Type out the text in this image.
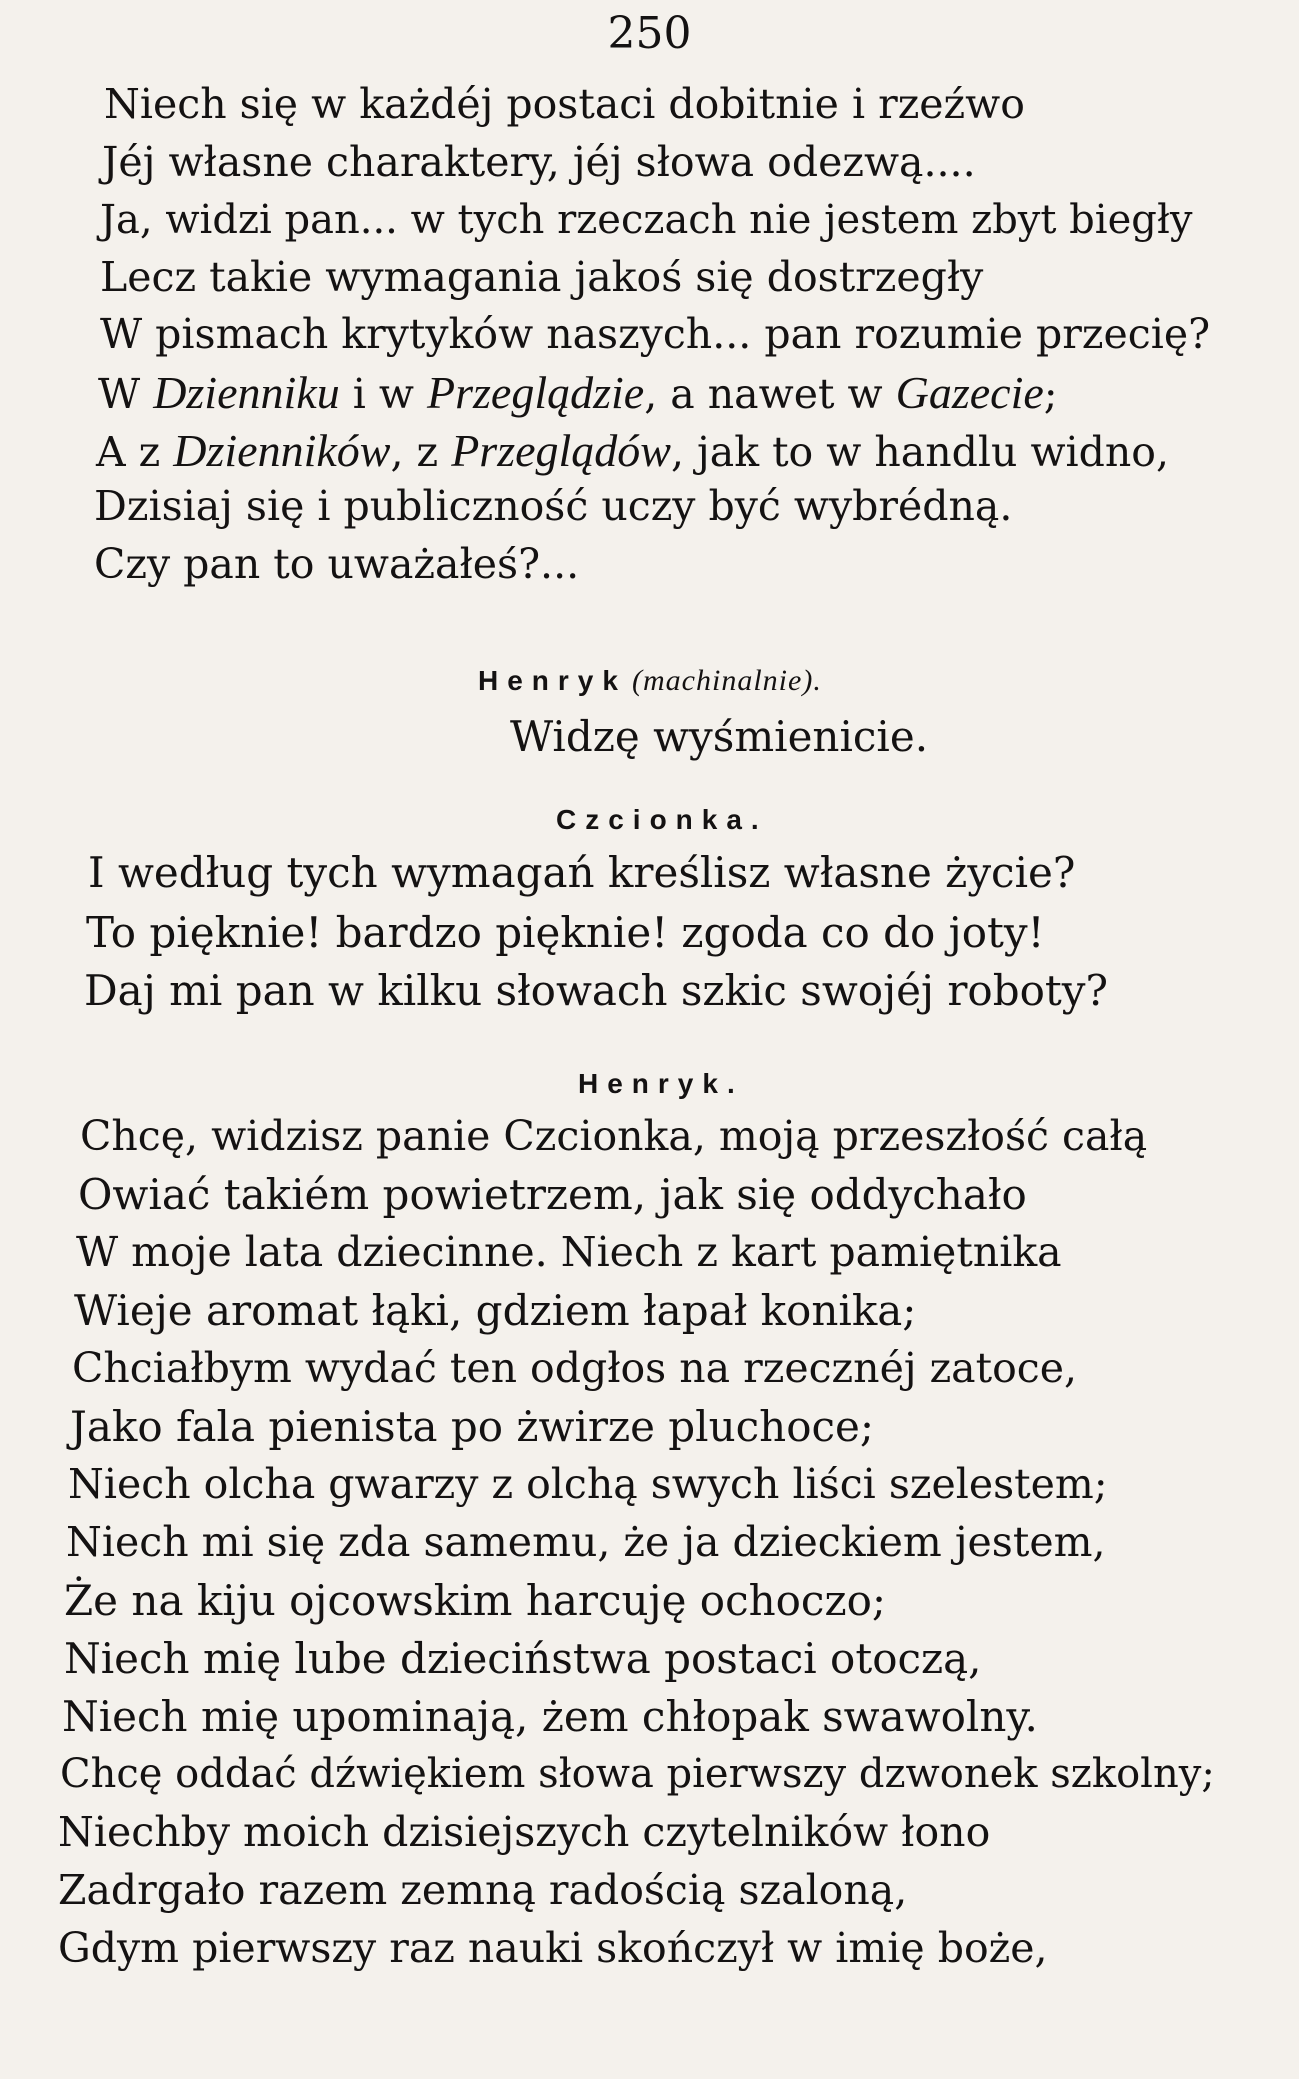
250
Niech się w każdéj postaci dobitnie i rzeźwo
Jéj własne charaktery, jéj słowa odezwą....
Ja, widzi pan... w tych rzeczach nie jestem zbyt biegły
Lecz takie wymagania jakoś się dostrzegły
W pismach krytyków naszych... pan rozumie przecię?
W Dzienniku i w Przeglądzie, a nawet w Gazecie;
A z Dzienników, z Przeglądów, jak to w handlu widno,
Dzisiaj się i publiczność uczy być wybrédną.
Czy pan to uważałeś?...
Henryk (machinalnie).
Widzę wyśmienicie.
Czcionka.
I według tych wymagań kreślisz własne życie?
To pięknie! bardzo pięknie! zgoda co do joty!
Daj mi pan w kilku słowach szkic swojéj roboty?
Henryk.
Chcę, widzisz panie Czcionka, moją przeszłość całą
Owiać takiém powietrzem, jak się oddychało
W moje lata dziecinne. Niech z kart pamiętnika
Wieje aromat łąki, gdziem łapał konika;
Chciałbym wydać ten odgłos na rzecznéj zatoce,
Jako fala pienista po żwirze pluchoce;
Niech olcha gwarzy z olchą swych liści szelestem;
Niech mi się zda samemu, że ja dzieckiem jestem,
Że na kiju ojcowskim harcuję ochoczo;
Niech mię lube dzieciństwa postaci otoczą,
Niech mię upominają, żem chłopak swawolny.
Chcę oddać dźwiękiem słowa pierwszy dzwonek szkolny;
Niechby moich dzisiejszych czytelników łono
Zadrgało razem zemną radością szaloną,
Gdym pierwszy raz nauki skończył w imię boże,
